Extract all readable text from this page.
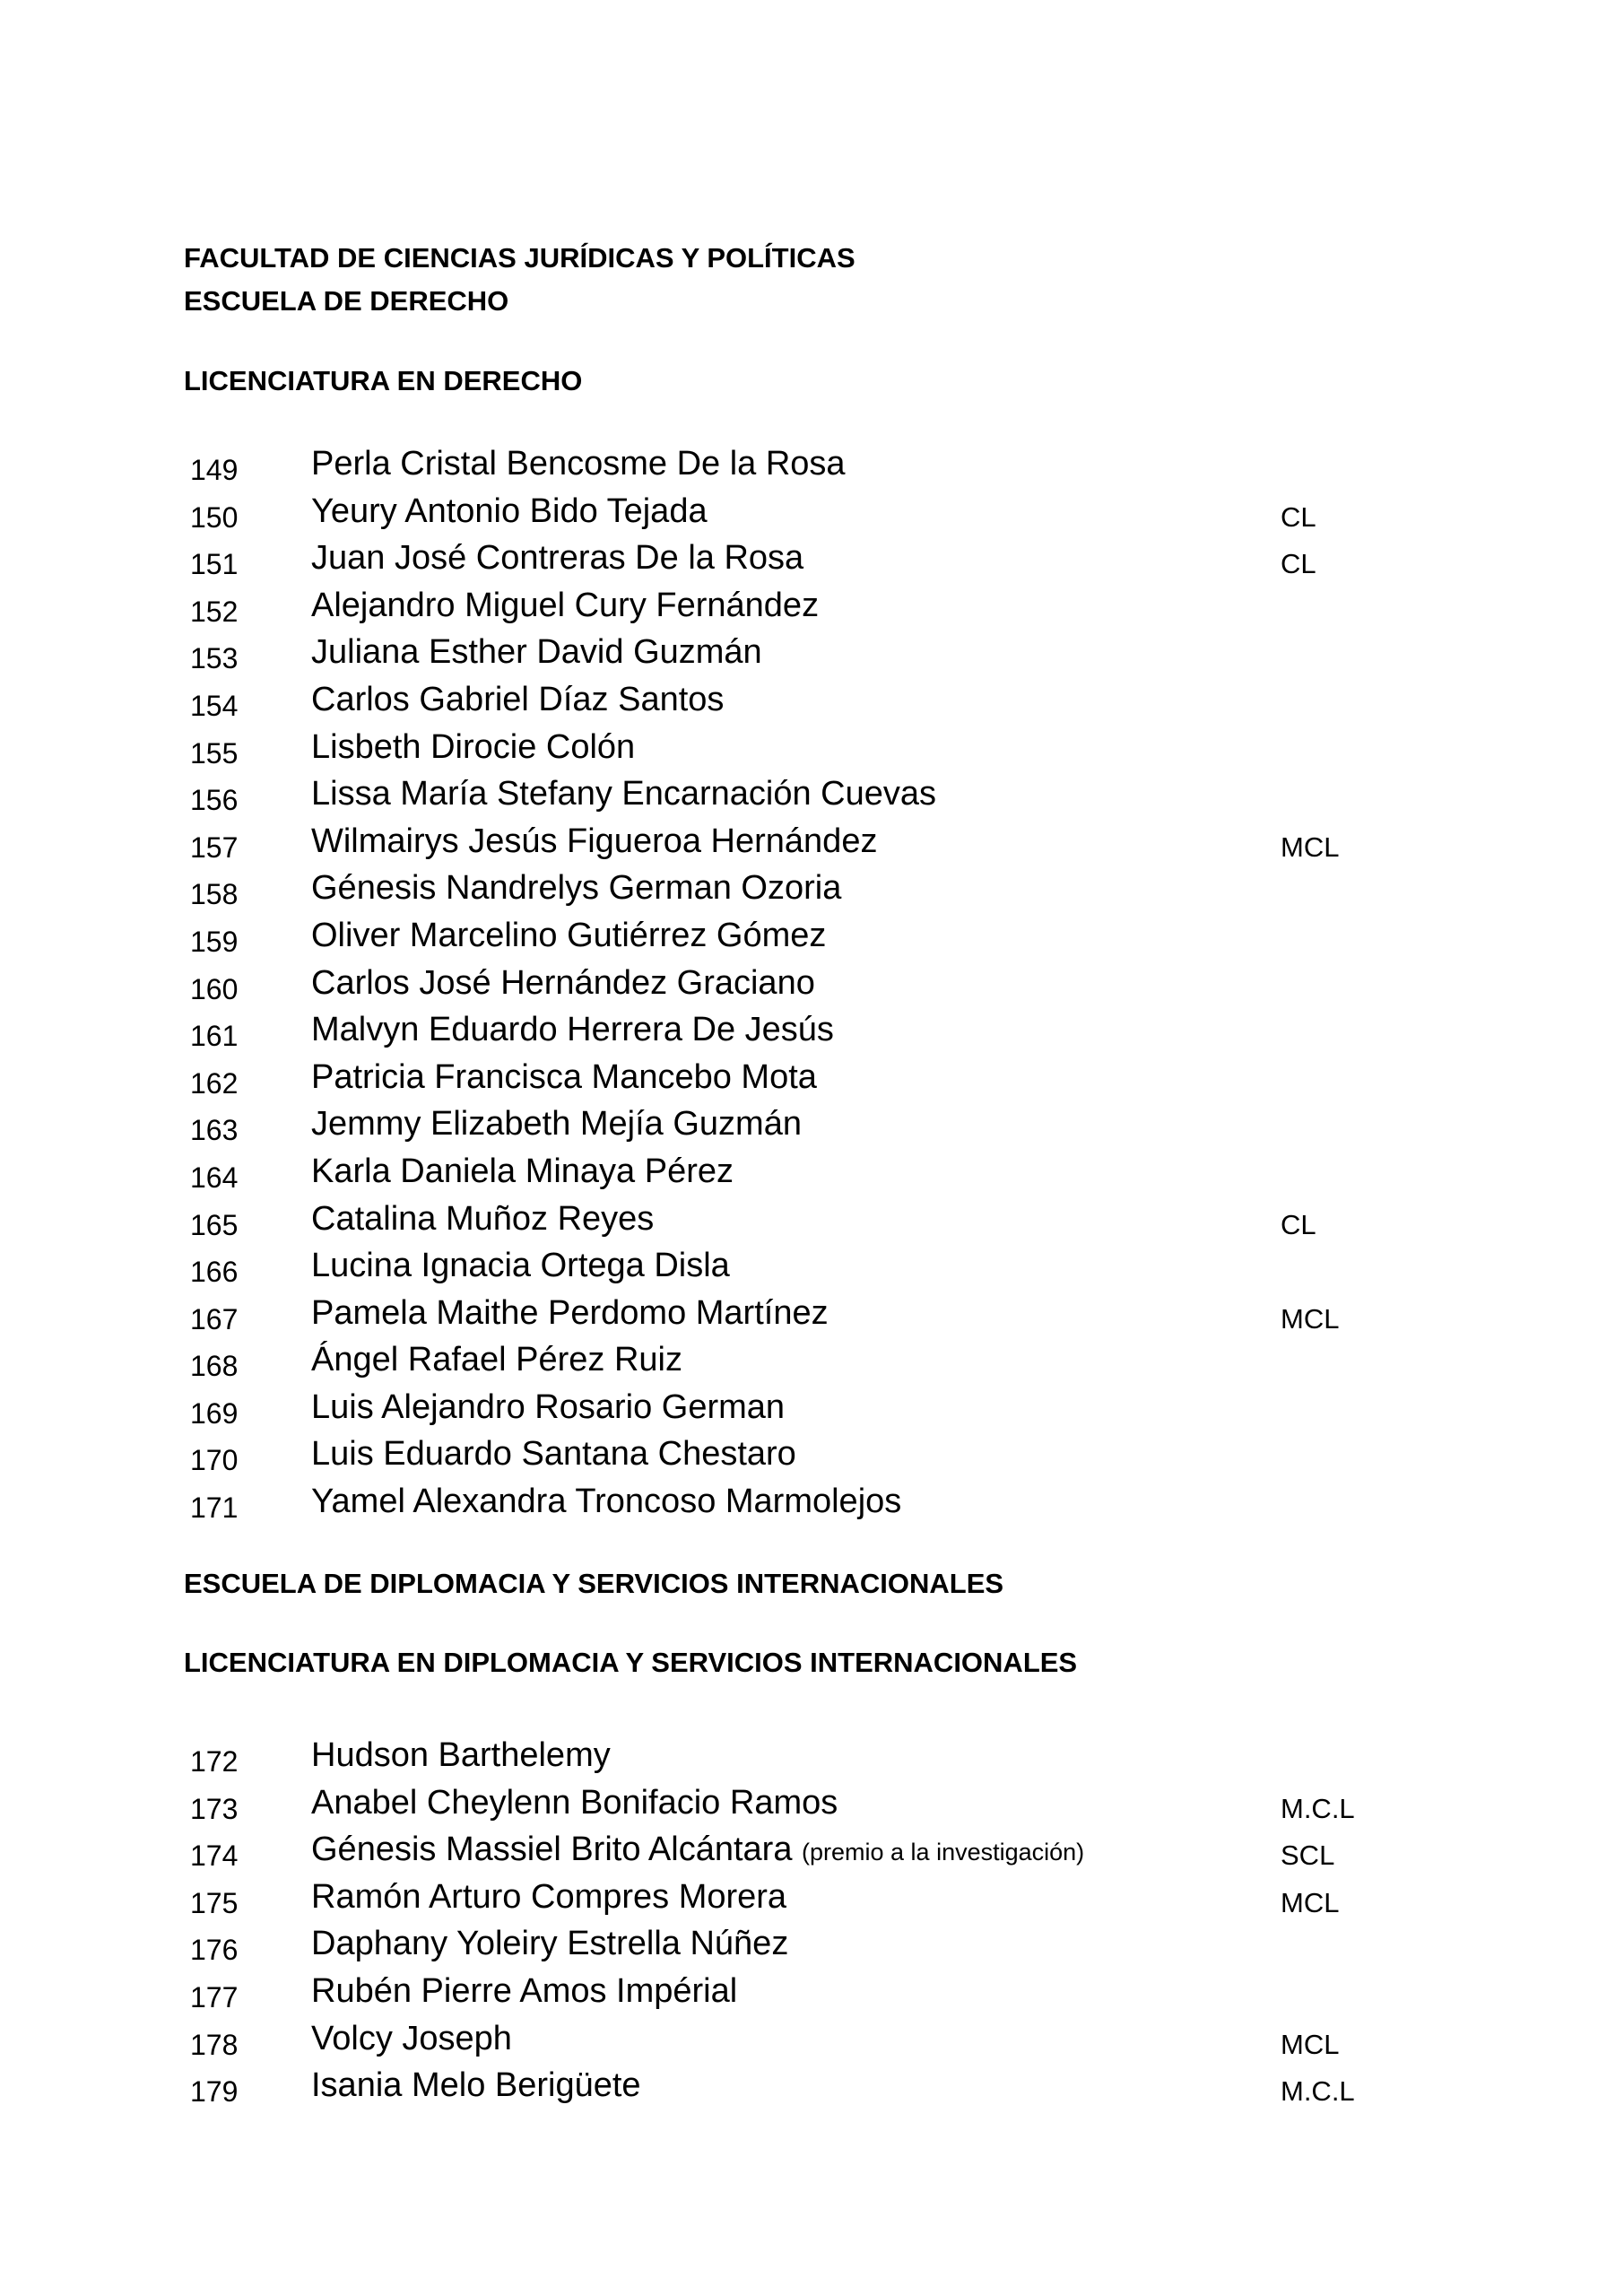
FACULTAD DE CIENCIAS JURÍDICAS Y POLÍTICAS
ESCUELA DE DERECHO
LICENCIATURA EN DERECHO
149 Perla Cristal Bencosme De la Rosa
150 Yeury Antonio Bido Tejada	CL
151 Juan José Contreras De la Rosa	CL
152 Alejandro Miguel Cury Fernández
153 Juliana Esther David Guzmán
154 Carlos Gabriel Díaz Santos
155 Lisbeth Dirocie Colón
156 Lissa María Stefany Encarnación Cuevas
157 Wilmairys Jesús Figueroa Hernández	MCL
158 Génesis Nandrelys German Ozoria
159 Oliver Marcelino Gutiérrez Gómez
160 Carlos José Hernández Graciano
161 Malvyn Eduardo Herrera De Jesús
162 Patricia Francisca Mancebo Mota
163 Jemmy Elizabeth Mejía Guzmán
164 Karla Daniela Minaya Pérez
165 Catalina Muñoz Reyes	CL
166 Lucina Ignacia Ortega Disla
167 Pamela Maithe Perdomo Martínez	MCL
168 Ángel Rafael Pérez Ruiz
169 Luis Alejandro Rosario German
170 Luis Eduardo Santana Chestaro
171 Yamel Alexandra Troncoso Marmolejos
ESCUELA DE DIPLOMACIA Y SERVICIOS INTERNACIONALES
LICENCIATURA EN DIPLOMACIA Y SERVICIOS INTERNACIONALES
172 Hudson Barthelemy
173 Anabel Cheylenn Bonifacio Ramos	M.C.L
174 Génesis Massiel Brito Alcántara (premio a la investigación)	SCL
175 Ramón Arturo Compres Morera	MCL
176 Daphany Yoleiry Estrella Núñez
177 Rubén Pierre Amos Impérial
178 Volcy Joseph	MCL
179 Isania Melo Berigüete	M.C.L
